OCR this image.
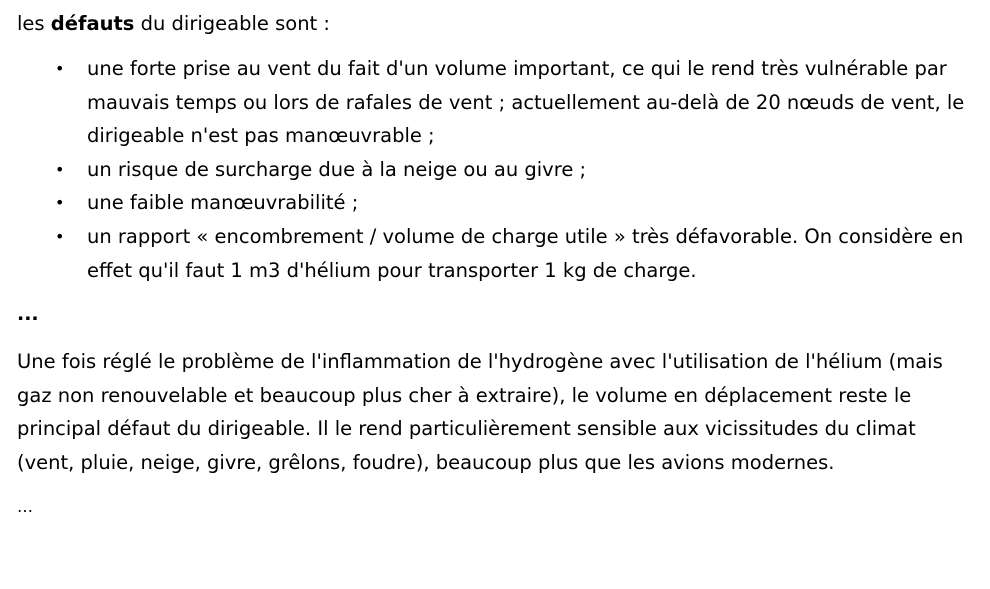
les défauts du dirigeable sont :

• une forte prise au vent du fait d'un volume important, ce qui le rend très vulnérable par mauvais temps ou lors de rafales de vent ; actuellement au-delà de 20 nœuds de vent, le dirigeable n'est pas manœuvrable ;
• un risque de surcharge due à la neige ou au givre ;
• une faible manœuvrabilité ;
• un rapport « encombrement / volume de charge utile » très défavorable. On considère en effet qu'il faut 1 m3 d'hélium pour transporter 1 kg de charge.

...

Une fois réglé le problème de l'inflammation de l'hydrogène avec l'utilisation de l'hélium (mais gaz non renouvelable et beaucoup plus cher à extraire), le volume en déplacement reste le principal défaut du dirigeable. Il le rend particulièrement sensible aux vicissitudes du climat (vent, pluie, neige, givre, grêlons, foudre), beaucoup plus que les avions modernes.

…
